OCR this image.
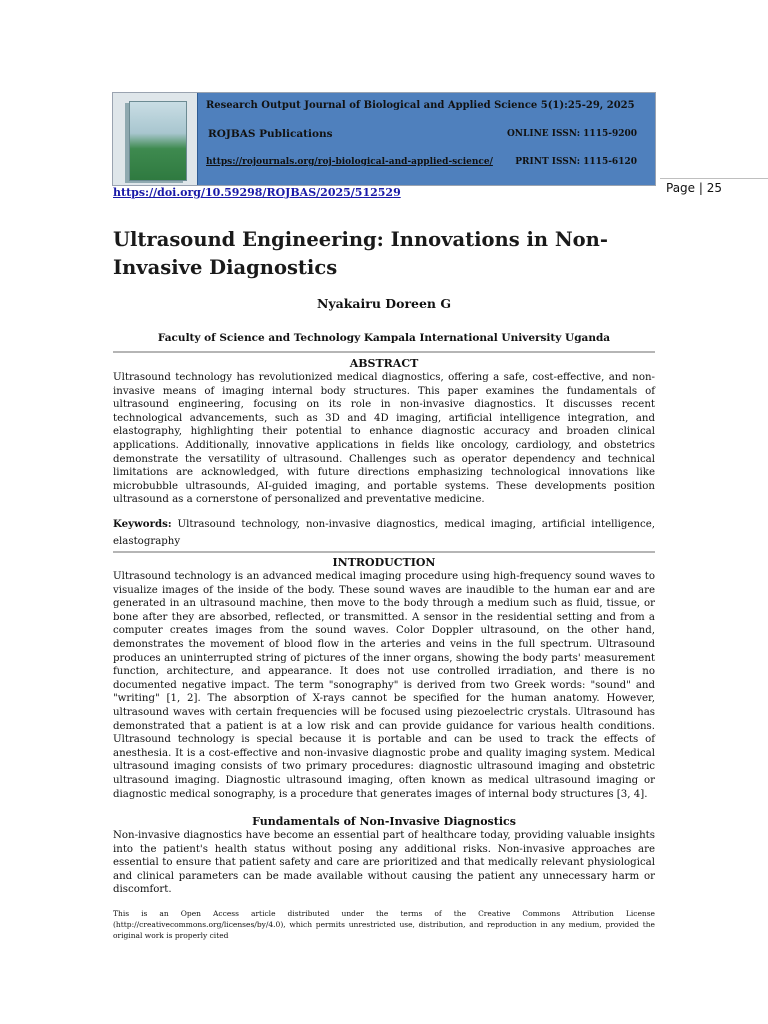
Research Output Journal of Biological and Applied Science 5(1):25-29, 2025
ROJBAS Publications	ONLINE ISSN: 1115-9200
https://rojournals.org/roj-biological-and-applied-science/ PRINT ISSN: 1115-6120
https://doi.org/10.59298/ROJBAS/2025/512529	Page | 25
Ultrasound Engineering: Innovations in Non-Invasive Diagnostics
Nyakairu Doreen G
Faculty of Science and Technology Kampala International University Uganda
ABSTRACT
Ultrasound technology has revolutionized medical diagnostics, offering a safe, cost-effective, and non-invasive means of imaging internal body structures. This paper examines the fundamentals of ultrasound engineering, focusing on its role in non-invasive diagnostics. It discusses recent technological advancements, such as 3D and 4D imaging, artificial intelligence integration, and elastography, highlighting their potential to enhance diagnostic accuracy and broaden clinical applications. Additionally, innovative applications in fields like oncology, cardiology, and obstetrics demonstrate the versatility of ultrasound. Challenges such as operator dependency and technical limitations are acknowledged, with future directions emphasizing technological innovations like microbubble ultrasounds, AI-guided imaging, and portable systems. These developments position ultrasound as a cornerstone of personalized and preventative medicine.
Keywords: Ultrasound technology, non-invasive diagnostics, medical imaging, artificial intelligence, elastography
INTRODUCTION
Ultrasound technology is an advanced medical imaging procedure using high-frequency sound waves to visualize images of the inside of the body. These sound waves are inaudible to the human ear and are generated in an ultrasound machine, then move to the body through a medium such as fluid, tissue, or bone after they are absorbed, reflected, or transmitted. A sensor in the residential setting and from a computer creates images from the sound waves. Color Doppler ultrasound, on the other hand, demonstrates the movement of blood flow in the arteries and veins in the full spectrum. Ultrasound produces an uninterrupted string of pictures of the inner organs, showing the body parts' measurement function, architecture, and appearance. It does not use controlled irradiation, and there is no documented negative impact. The term "sonography" is derived from two Greek words: "sound" and "writing" [1, 2]. The absorption of X-rays cannot be specified for the human anatomy. However, ultrasound waves with certain frequencies will be focused using piezoelectric crystals. Ultrasound has demonstrated that a patient is at a low risk and can provide guidance for various health conditions. Ultrasound technology is special because it is portable and can be used to track the effects of anesthesia. It is a cost-effective and non-invasive diagnostic probe and quality imaging system. Medical ultrasound imaging consists of two primary procedures: diagnostic ultrasound imaging and obstetric ultrasound imaging. Diagnostic ultrasound imaging, often known as medical ultrasound imaging or diagnostic medical sonography, is a procedure that generates images of internal body structures [3, 4].
Fundamentals of Non-Invasive Diagnostics
Non-invasive diagnostics have become an essential part of healthcare today, providing valuable insights into the patient's health status without posing any additional risks. Non-invasive approaches are essential to ensure that patient safety and care are prioritized and that medically relevant physiological and clinical parameters can be made available without causing the patient any unnecessary harm or discomfort.
This is an Open Access article distributed under the terms of the Creative Commons Attribution License (http://creativecommons.org/licenses/by/4.0), which permits unrestricted use, distribution, and reproduction in any medium, provided the original work is properly cited
